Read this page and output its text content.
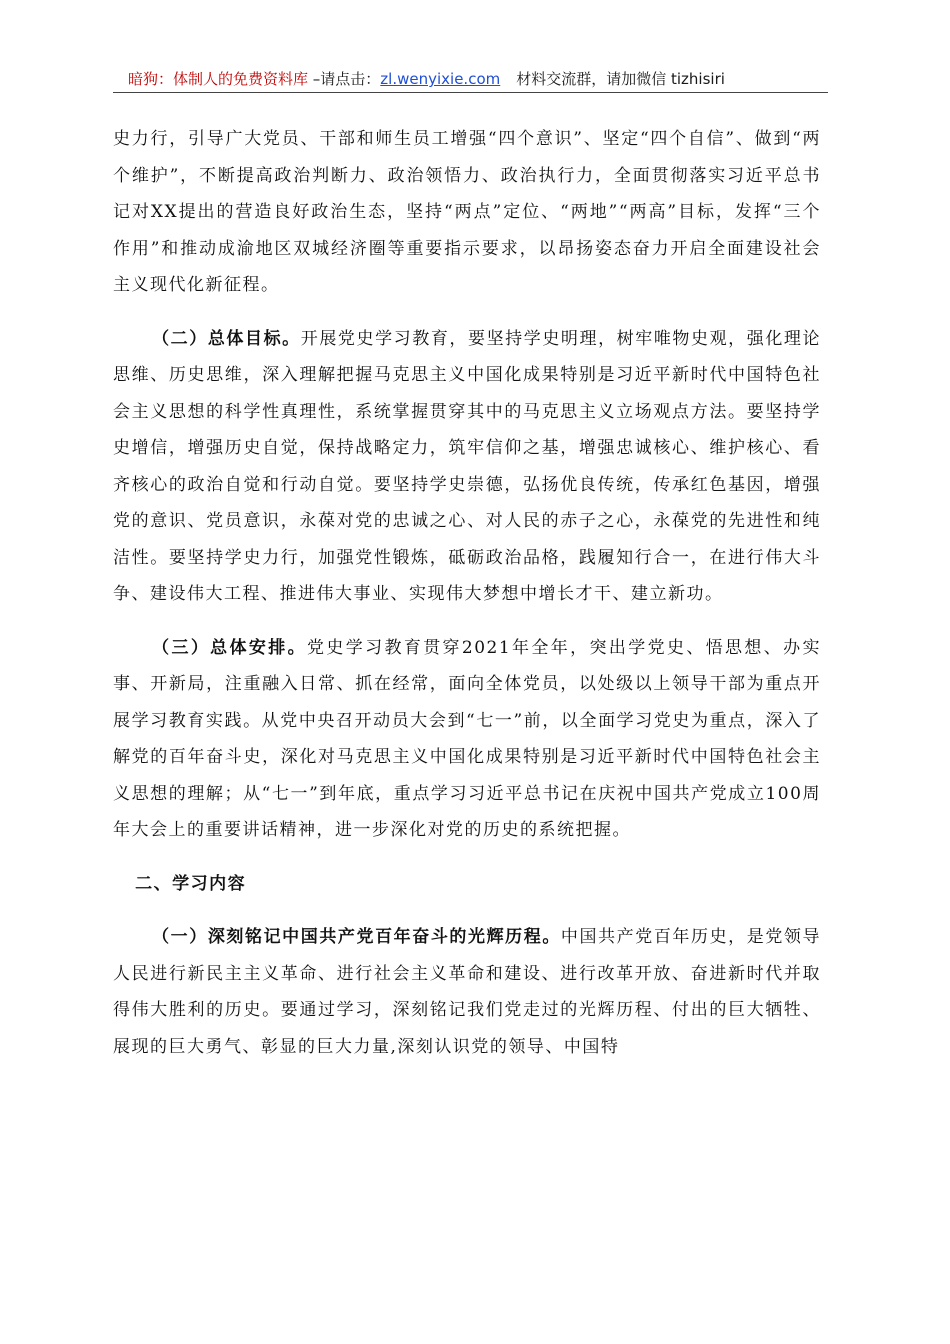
暗狗：体制人的免费资料库 –请点击：zl.wenyixie.com 材料交流群，请加微信 tizhisiri

史力行，引导广大党员、干部和师生员工增强“四个意识”、坚定“四个自信”、做到“两个维护”，不断提高政治判断力、政治领悟力、政治执行力，全面贯彻落实习近平总书记对XX提出的营造良好政治生态，坚持“两点”定位、“两地”“两高”目标，发挥“三个作用”和推动成渝地区双城经济圈等重要指示要求，以昂扬姿态奋力开启全面建设社会主义现代化新征程。

（二）总体目标。开展党史学习教育，要坚持学史明理，树牢唯物史观，强化理论思维、历史思维，深入理解把握马克思主义中国化成果特别是习近平新时代中国特色社会主义思想的科学性真理性，系统掌握贯穿其中的马克思主义立场观点方法。要坚持学史增信，增强历史自觉，保持战略定力，筑牢信仰之基，增强忠诚核心、维护核心、看齐核心的政治自觉和行动自觉。要坚持学史崇德，弘扬优良传统，传承红色基因，增强党的意识、党员意识，永葆对党的忠诚之心、对人民的赤子之心，永葆党的先进性和纯洁性。要坚持学史力行，加强党性锻炼，砥砺政治品格，践履知行合一，在进行伟大斗争、建设伟大工程、推进伟大事业、实现伟大梦想中增长才干、建立新功。

（三）总体安排。党史学习教育贯穿2021年全年，突出学党史、悟思想、办实事、开新局，注重融入日常、抓在经常，面向全体党员，以处级以上领导干部为重点开展学习教育实践。从党中央召开动员大会到“七一”前，以全面学习党史为重点，深入了解党的百年奋斗史，深化对马克思主义中国化成果特别是习近平新时代中国特色社会主义思想的理解；从“七一”到年底，重点学习习近平总书记在庆祝中国共产党成立100周年大会上的重要讲话精神，进一步深化对党的历史的系统把握。

二、学习内容

（一）深刻铭记中国共产党百年奋斗的光辉历程。中国共产党百年历史，是党领导人民进行新民主主义革命、进行社会主义革命和建设、进行改革开放、奋进新时代并取得伟大胜利的历史。要通过学习，深刻铭记我们党走过的光辉历程、付出的巨大牺牲、展现的巨大勇气、彰显的巨大力量,深刻认识党的领导、中国特
